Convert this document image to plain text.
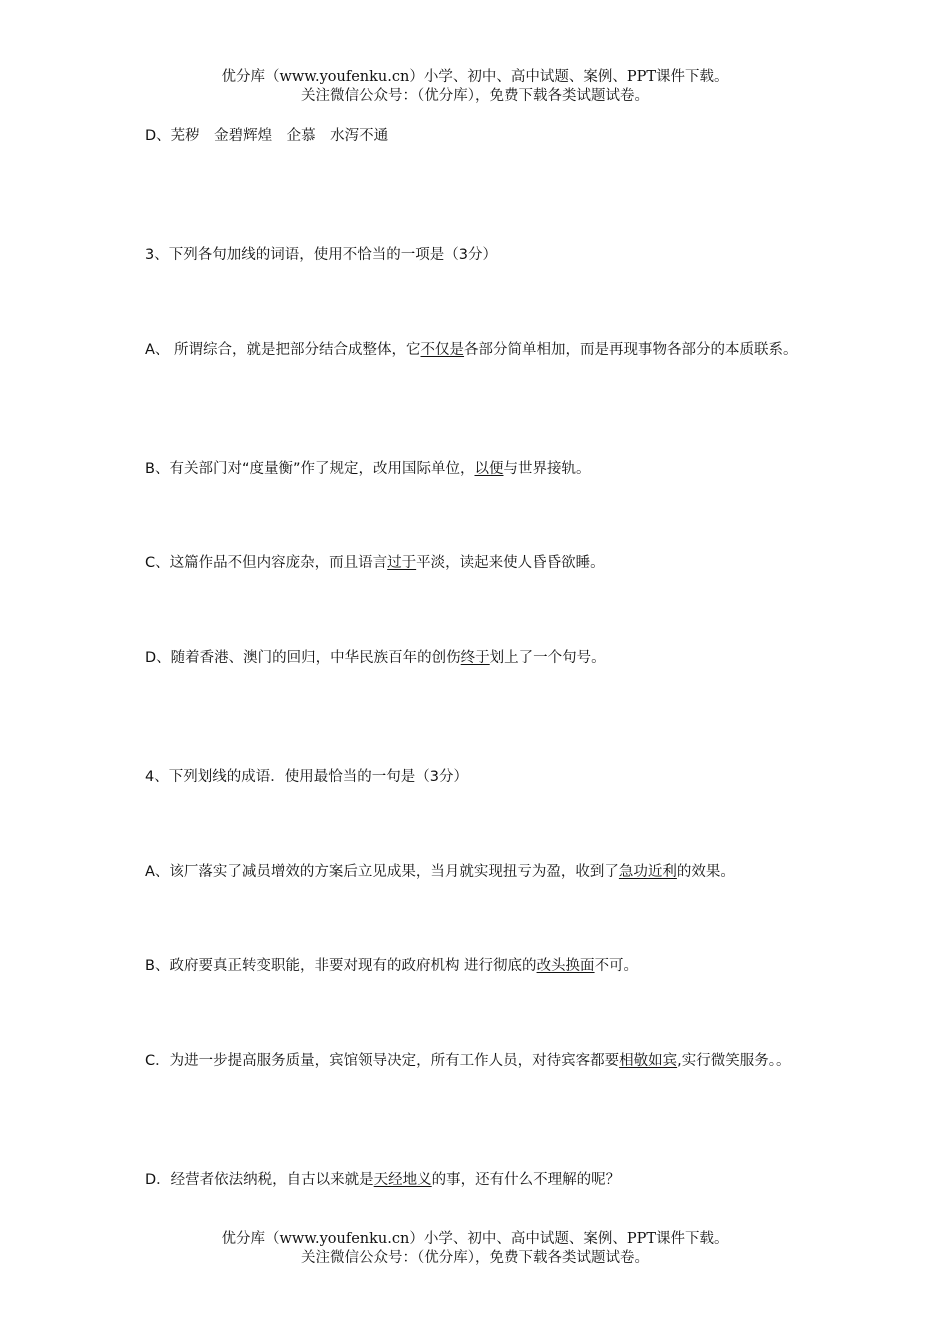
优分库（www.youfenku.cn）小学、初中、高中试题、案例、PPT课件下载。
关注微信公众号：（优分库），免费下载各类试题试卷。
D、芜秽　金碧辉煌　企慕　水泻不通
3、下列各句加线的词语，使用不恰当的一项是（3分）
A、 所谓综合，就是把部分结合成整体，它不仅是各部分简单相加，而是再现事物各部分的本质联系。
B、有关部门对“度量衡”作了规定，改用国际单位，以便与世界接轨。
C、这篇作品不但内容庞杂，而且语言过于平淡，读起来使人昏昏欲睡。
D、随着香港、澳门的回归，中华民族百年的创伤终于划上了一个句号。
4、下列划线的成语．使用最恰当的一句是（3分）
A、该厂落实了减员增效的方案后立见成果，当月就实现扭亏为盈，收到了急功近利的效果。
B、政府要真正转变职能，非要对现有的政府机构 进行彻底的改头换面不可。
C．为进一步提高服务质量，宾馆领导决定，所有工作人员，对待宾客都要相敬如宾,实行微笑服务。。
D．经营者依法纳税，自古以来就是天经地义的事，还有什么不理解的呢？
优分库（www.youfenku.cn）小学、初中、高中试题、案例、PPT课件下载。
关注微信公众号：（优分库），免费下载各类试题试卷。
